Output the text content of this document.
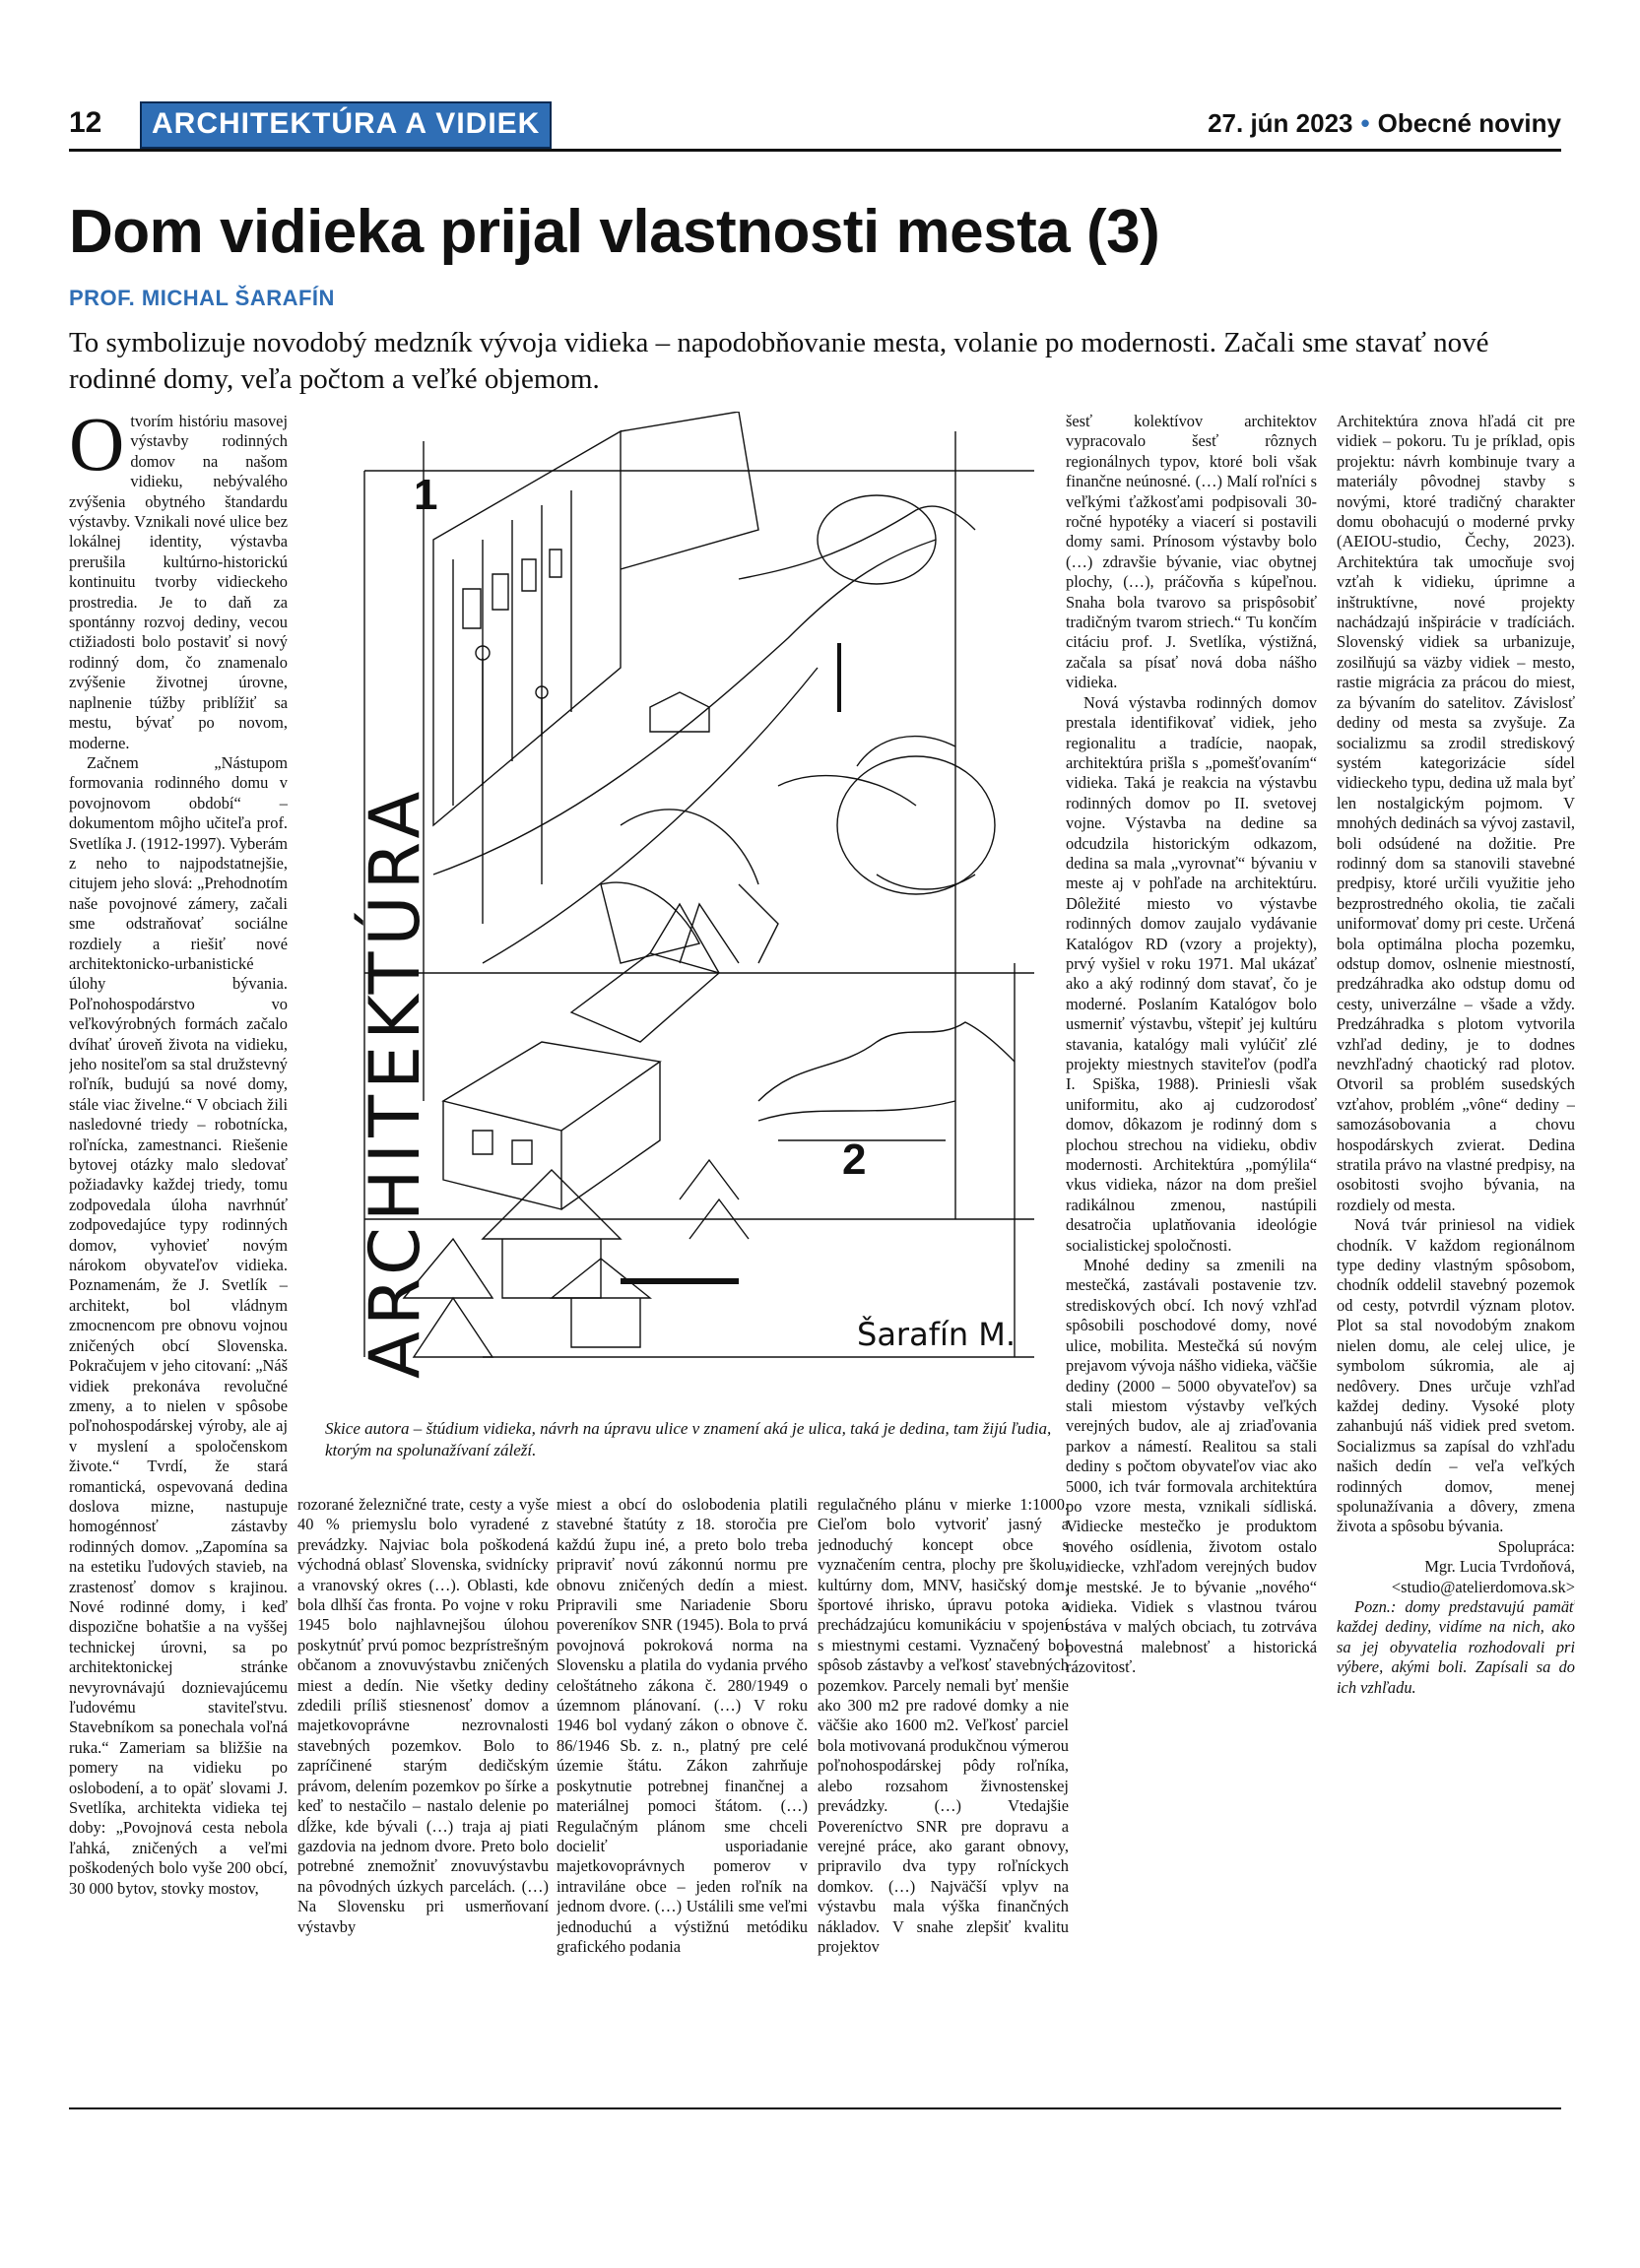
12	ARCHITEKTÚRA A VIDIEK	27. jún 2023 • Obecné noviny
Dom vidieka prijal vlastnosti mesta (3)
PROF. MICHAL ŠARAFÍN
To symbolizuje novodobý medzník vývoja vidieka – napodobňovanie mesta, volanie po modernosti. Začali sme stavať nové rodinné domy, veľa počtom a veľké objemom.

Otvorím históriu masovej výstavby rodinných domov na našom vidieku, nebývalého zvýšenia obytného štandardu výstavby. Vznikali nové ulice bez lokálnej identity, výstavba prerušila kultúrno-historickú kontinuitu tvorby vidieckeho prostredia. Je to daň za spontánny rozvoj dediny, vecou ctižiadosti bolo postaviť si nový rodinný dom, čo znamenalo zvýšenie životnej úrovne, naplnenie túžby priblížiť sa mestu, bývať po novom, moderne.

Začnem „Nástupom formovania rodinného domu v povojnovom období“ – dokumentom môjho učiteľa prof. Svetlíka J. (1912-1997). Vyberám z neho to najpodstatnejšie, citujem jeho slová: „Prehodnotím naše povojnové zámery, začali sme odstraňovať sociálne rozdiely a riešiť nové architektonicko-urbanistické úlohy bývania. Poľnohospodárstvo vo veľkovýrobných formách začalo dvíhať úroveň života na vidieku, jeho nositeľom sa stal družstevný roľník, budujú sa nové domy, stále viac živelne.“ V obciach žili nasledovné triedy – robotnícka, roľnícka, zamestnanci. Riešenie bytovej otázky malo sledovať požiadavky každej triedy, tomu zodpovedala úloha navrhnúť zodpovedajúce typy rodinných domov, vyhovieť novým nárokom obyvateľov vidieka. Poznamenám, že J. Svetlík – architekt, bol vládnym zmocnencom pre obnovu vojnou zničených obcí Slovenska. Pokračujem v jeho citovaní: „Náš vidiek prekonáva revolučné zmeny, a to nielen v spôsobe poľnohospodárskej výroby, ale aj v myslení a spoločenskom živote.“ Tvrdí, že stará romantická, ospevovaná dedina doslova mizne, nastupuje homogénnosť zástavby rodinných domov. „Zapomína sa na estetiku ľudových stavieb, na zrastenosť domov s krajinou. Nové rodinné domy, i keď dispozične bohatšie a na vyššej technickej úrovni, sa po architektonickej stránke nevyrovnávajú doznievajúcemu ľudovému staviteľstvu. Stavebníkom sa ponechala voľná ruka.“ Zameriam sa bližšie na pomery na vidieku po oslobodení, a to opäť slovami J. Svetlíka, architekta vidieka tej doby: „Povojnová cesta nebola ľahká, zničených a veľmi poškodených bolo vyše 200 obcí, 30 000 bytov, stovky mostov,

1
2
Šarafín M.
ARCHITEKTÚRA
Skice autora – štúdium vidieka, návrh na úpravu ulice v znamení aká je ulica, taká je dedina, tam žijú ľudia, ktorým na spolunažívaní záleží.

rozorané železničné trate, cesty a vyše 40 % priemyslu bolo vyradené z prevádzky. Najviac bola poškodená východná oblasť Slovenska, svidnícky a vranovský okres (…). Oblasti, kde bola dlhší čas fronta. Po vojne v roku 1945 bolo najhlavnejšou úlohou poskytnúť prvú pomoc bezprístrešným občanom a znovuvýstavbu zničených miest a dedín. Nie všetky dediny zdedili príliš stiesnenosť domov a majetkovoprávne nezrovnalosti stavebných pozemkov. Bolo to zapríčinené starým dedičským právom, delením pozemkov po šírke a keď to nestačilo – nastalo delenie po dĺžke, kde bývali (…) traja aj piati gazdovia na jednom dvore. Preto bolo potrebné znemožniť znovuvýstavbu na pôvodných úzkych parcelách. (…) Na Slovensku pri usmerňovaní výstavby

miest a obcí do oslobodenia platili stavebné štatúty z 18. storočia pre každú župu iné, a preto bolo treba pripraviť novú zákonnú normu pre obnovu zničených dedín a miest. Pripravili sme Nariadenie Sboru povereníkov SNR (1945). Bola to prvá povojnová pokroková norma na Slovensku a platila do vydania prvého celoštátneho zákona č. 280/1949 o územnom plánovaní. (…) V roku 1946 bol vydaný zákon o obnove č. 86/1946 Sb. z. n., platný pre celé územie štátu. Zákon zahrňuje poskytnutie potrebnej finančnej a materiálnej pomoci štátom. (…) Regulačným plánom sme chceli docieliť usporiadanie majetkovoprávnych pomerov v intraviláne obce – jeden roľník na jednom dvore. (…) Ustálili sme veľmi jednoduchú a výstižnú metódiku grafického podania

regulačného plánu v mierke 1:1000. Cieľom bolo vytvoriť jasný a jednoduchý koncept obce s vyznačením centra, plochy pre školu, kultúrny dom, MNV, hasičský dom, športové ihrisko, úpravu potoka a prechádzajúcu komunikáciu v spojení s miestnymi cestami. Vyznačený bol spôsob zástavby a veľkosť stavebných pozemkov. Parcely nemali byť menšie ako 300 m2 pre radové domky a nie väčšie ako 1600 m2. Veľkosť parciel bola motivovaná produkčnou výmerou poľnohospodárskej pôdy roľníka, alebo rozsahom živnostenskej prevádzky. (…) Vtedajšie Povereníctvo SNR pre dopravu a verejné práce, ako garant obnovy, pripravilo dva typy roľníckych domkov. (…) Najväčší vplyv na výstavbu mala výška finančných nákladov. V snahe zlepšiť kvalitu projektov

šesť kolektívov architektov vypracovalo šesť rôznych regionálnych typov, ktoré boli však finančne neúnosné. (…) Malí roľníci s veľkými ťažkosťami podpisovali 30-ročné hypotéky a viacerí si postavili domy sami. Prínosom výstavby bolo (…) zdravšie bývanie, viac obytnej plochy, (…), práčovňa s kúpeľnou. Snaha bola tvarovo sa prispôsobiť tradičným tvarom striech.“ Tu končím citáciu prof. J. Svetlíka, výstižná, začala sa písať nová doba nášho vidieka.

Nová výstavba rodinných domov prestala identifikovať vidiek, jeho regionalitu a tradície, naopak, architektúra prišla s „pomešťovaním“ vidieka. Taká je reakcia na výstavbu rodinných domov po II. svetovej vojne. Výstavba na dedine sa odcudzila historickým odkazom, dedina sa mala „vyrovnať“ bývaniu v meste aj v pohľade na architektúru. Dôležité miesto vo výstavbe rodinných domov zaujalo vydávanie Katalógov RD (vzory a projekty), prvý vyšiel v roku 1971. Mal ukázať ako a aký rodinný dom stavať, čo je moderné. Poslaním Katalógov bolo usmerniť výstavbu, vštepiť jej kultúru stavania, katalógy mali vylúčiť zlé projekty miestnych staviteľov (podľa I. Spiška, 1988). Priniesli však uniformitu, ako aj cudzorodosť domov, dôkazom je rodinný dom s plochou strechou na vidieku, obdiv modernosti. Architektúra „pomýlila“ vkus vidieka, názor na dom prešiel radikálnou zmenou, nastúpili desatročia uplatňovania ideológie socialistickej spoločnosti.

Mnohé dediny sa zmenili na mestečká, zastávali postavenie tzv. strediskových obcí. Ich nový vzhľad spôsobili poschodové domy, nové ulice, mobilita. Mestečká sú novým prejavom vývoja nášho vidieka, väčšie dediny (2000 – 5000 obyvateľov) sa stali miestom výstavby veľkých verejných budov, ale aj zriaďovania parkov a námestí. Realitou sa stali dediny s počtom obyvateľov viac ako 5000, ich tvár formovala architektúra po vzore mesta, vznikali sídliská. Vidiecke mestečko je produktom nového osídlenia, životom ostalo vidiecke, vzhľadom verejných budov je mestské. Je to bývanie „nového“ vidieka. Vidiek s vlastnou tvárou ostáva v malých obciach, tu zotrváva povestná malebnosť a historická rázovitosť.

Architektúra znova hľadá cit pre vidiek – pokoru. Tu je príklad, opis projektu: návrh kombinuje tvary a materiály pôvodnej stavby s novými, ktoré tradičný charakter domu obohacujú o moderné prvky (AEIOU-studio, Čechy, 2023). Architektúra tak umocňuje svoj vzťah k vidieku, úprimne a inštruktívne, nové projekty nachádzajú inšpirácie v tradíciách. Slovenský vidiek sa urbanizuje, zosilňujú sa väzby vidiek – mesto, rastie migrácia za prácou do miest, za bývaním do satelitov. Závislosť dediny od mesta sa zvyšuje. Za socializmu sa zrodil strediskový systém kategorizácie sídel vidieckeho typu, dedina už mala byť len nostalgickým pojmom. V mnohých dedinách sa vývoj zastavil, boli odsúdené na dožitie. Pre rodinný dom sa stanovili stavebné predpisy, ktoré určili využitie jeho bezprostredného okolia, tie začali uniformovať domy pri ceste. Určená bola optimálna plocha pozemku, odstup domov, oslnenie miestností, predzáhradka ako odstup domu od cesty, univerzálne – všade a vždy. Predzáhradka s plotom vytvorila vzhľad dediny, je to dodnes nevzhľadný chaotický rad plotov. Otvoril sa problém susedských vzťahov, problém „vône“ dediny – samozásobovania a chovu hospodárskych zvierat. Dedina stratila právo na vlastné predpisy, na osobitosti svojho bývania, na rozdiely od mesta.

Nová tvár priniesol na vidiek chodník. V každom regionálnom type dediny vlastným spôsobom, chodník oddelil stavebný pozemok od cesty, potvrdil význam plotov. Plot sa stal novodobým znakom nielen domu, ale celej ulice, je symbolom súkromia, ale aj nedôvery. Dnes určuje vzhľad každej dediny. Vysoké ploty zahanbujú náš vidiek pred svetom. Socializmus sa zapísal do vzhľadu našich dedín – veľa veľkých rodinných domov, menej spolunažívania a dôvery, zmena života a spôsobu bývania.

Spolupráca:

Mgr. Lucia Tvrdoňová,

<studio@atelierdomova.sk>

Pozn.: domy predstavujú pamäť každej dediny, vidíme na nich, ako sa jej obyvatelia rozhodovali pri výbere, akými boli. Zapísali sa do ich vzhľadu.
